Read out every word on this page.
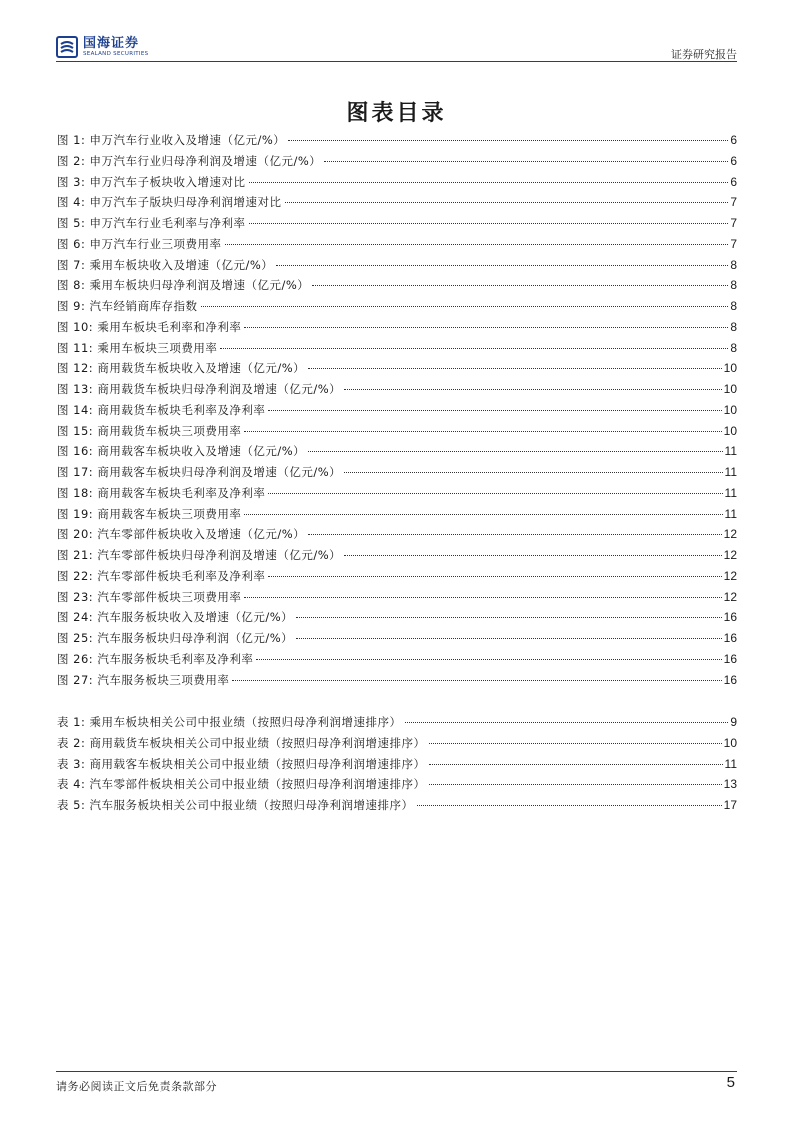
国海证券
SEALAND SECURITIES	证券研究报告
图表目录
图 1: 申万汽车行业收入及增速（亿元/%）	6
图 2: 申万汽车行业归母净利润及增速（亿元/%）	6
图 3: 申万汽车子板块收入增速对比	6
图 4: 申万汽车子版块归母净利润增速对比	7
图 5: 申万汽车行业毛利率与净利率	7
图 6: 申万汽车行业三项费用率	7
图 7: 乘用车板块收入及增速（亿元/%）	8
图 8: 乘用车板块归母净利润及增速（亿元/%）	8
图 9: 汽车经销商库存指数	8
图 10: 乘用车板块毛利率和净利率	8
图 11: 乘用车板块三项费用率	8
图 12: 商用载货车板块收入及增速（亿元/%）	10
图 13: 商用载货车板块归母净利润及增速（亿元/%）	10
图 14: 商用载货车板块毛利率及净利率	10
图 15: 商用载货车板块三项费用率	10
图 16: 商用载客车板块收入及增速（亿元/%）	11
图 17: 商用载客车板块归母净利润及增速（亿元/%）	11
图 18: 商用载客车板块毛利率及净利率	11
图 19: 商用载客车板块三项费用率	11
图 20: 汽车零部件板块收入及增速（亿元/%）	12
图 21: 汽车零部件板块归母净利润及增速（亿元/%）	12
图 22: 汽车零部件板块毛利率及净利率	12
图 23: 汽车零部件板块三项费用率	12
图 24: 汽车服务板块收入及增速（亿元/%）	16
图 25: 汽车服务板块归母净利润（亿元/%）	16
图 26: 汽车服务板块毛利率及净利率	16
图 27: 汽车服务板块三项费用率	16
表 1: 乘用车板块相关公司中报业绩（按照归母净利润增速排序）	9
表 2: 商用载货车板块相关公司中报业绩（按照归母净利润增速排序）	10
表 3: 商用载客车板块相关公司中报业绩（按照归母净利润增速排序）	11
表 4: 汽车零部件板块相关公司中报业绩（按照归母净利润增速排序）	13
表 5: 汽车服务板块相关公司中报业绩（按照归母净利润增速排序）	17
请务必阅读正文后免责条款部分	5
